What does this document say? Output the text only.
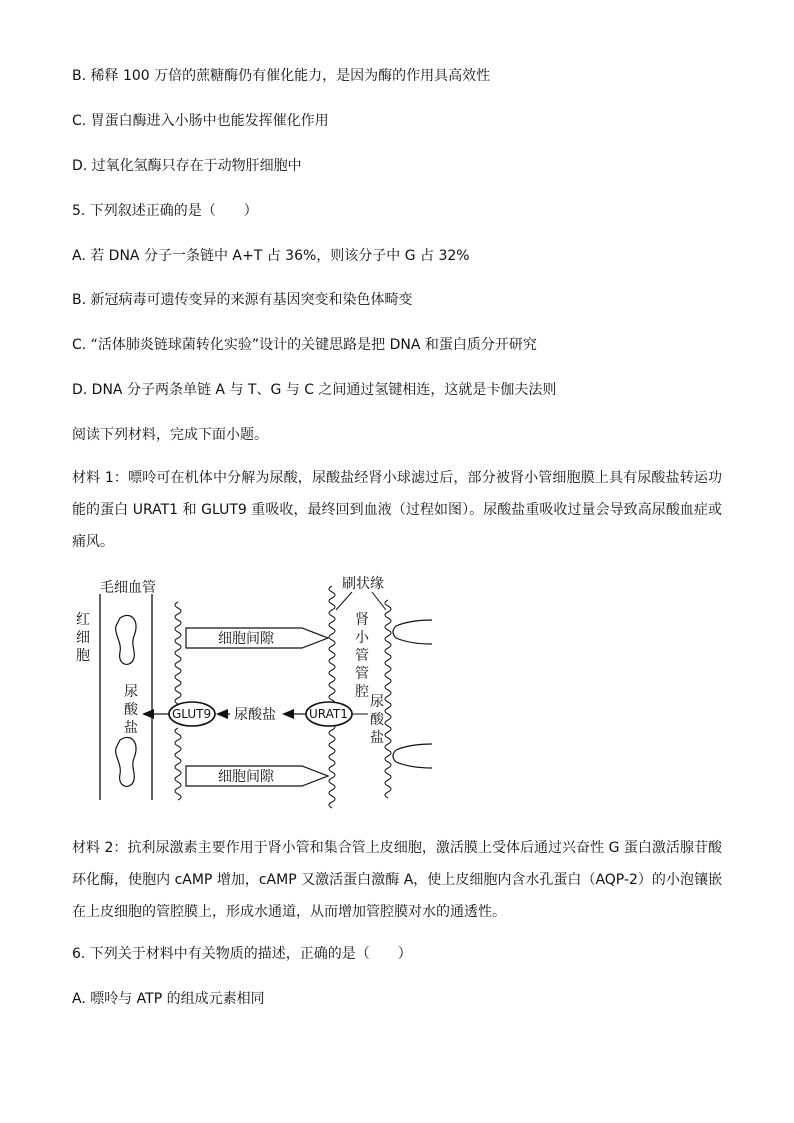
B. 稀释 100 万倍的蔗糖酶仍有催化能力，是因为酶的作用具高效性
C. 胃蛋白酶进入小肠中也能发挥催化作用
D. 过氧化氢酶只存在于动物肝细胞中
5. 下列叙述正确的是（　　）
A. 若 DNA 分子一条链中 A+T 占 36%，则该分子中 G 占 32%
B. 新冠病毒可遗传变异的来源有基因突变和染色体畸变
C. “活体肺炎链球菌转化实验”设计的关键思路是把 DNA 和蛋白质分开研究
D. DNA 分子两条单链 A 与 T、G 与 C 之间通过氢键相连，这就是卡伽夫法则
阅读下列材料，完成下面小题。
材料 1：嘌呤可在机体中分解为尿酸，尿酸盐经肾小球滤过后，部分被肾小管细胞膜上具有尿酸盐转运功能的蛋白 URAT1 和 GLUT9 重吸收，最终回到血液（过程如图）。尿酸盐重吸收过量会导致高尿酸血症或痛风。
毛细血管
红
细
胞
尿
酸
盐
细胞间隙
细胞间隙
刷状缘
肾
小
管
管
腔
尿
酸
盐
GLUT9	URAT1
尿酸盐
材料 2：抗利尿激素主要作用于肾小管和集合管上皮细胞，激活膜上受体后通过兴奋性 G 蛋白激活腺苷酸环化酶，使胞内 cAMP 增加，cAMP 又激活蛋白激酶 A，使上皮细胞内含水孔蛋白（AQP-2）的小泡镶嵌在上皮细胞的管腔膜上，形成水通道，从而增加管腔膜对水的通透性。
6. 下列关于材料中有关物质的描述，正确的是（　　）
A. 嘌呤与 ATP 的组成元素相同
